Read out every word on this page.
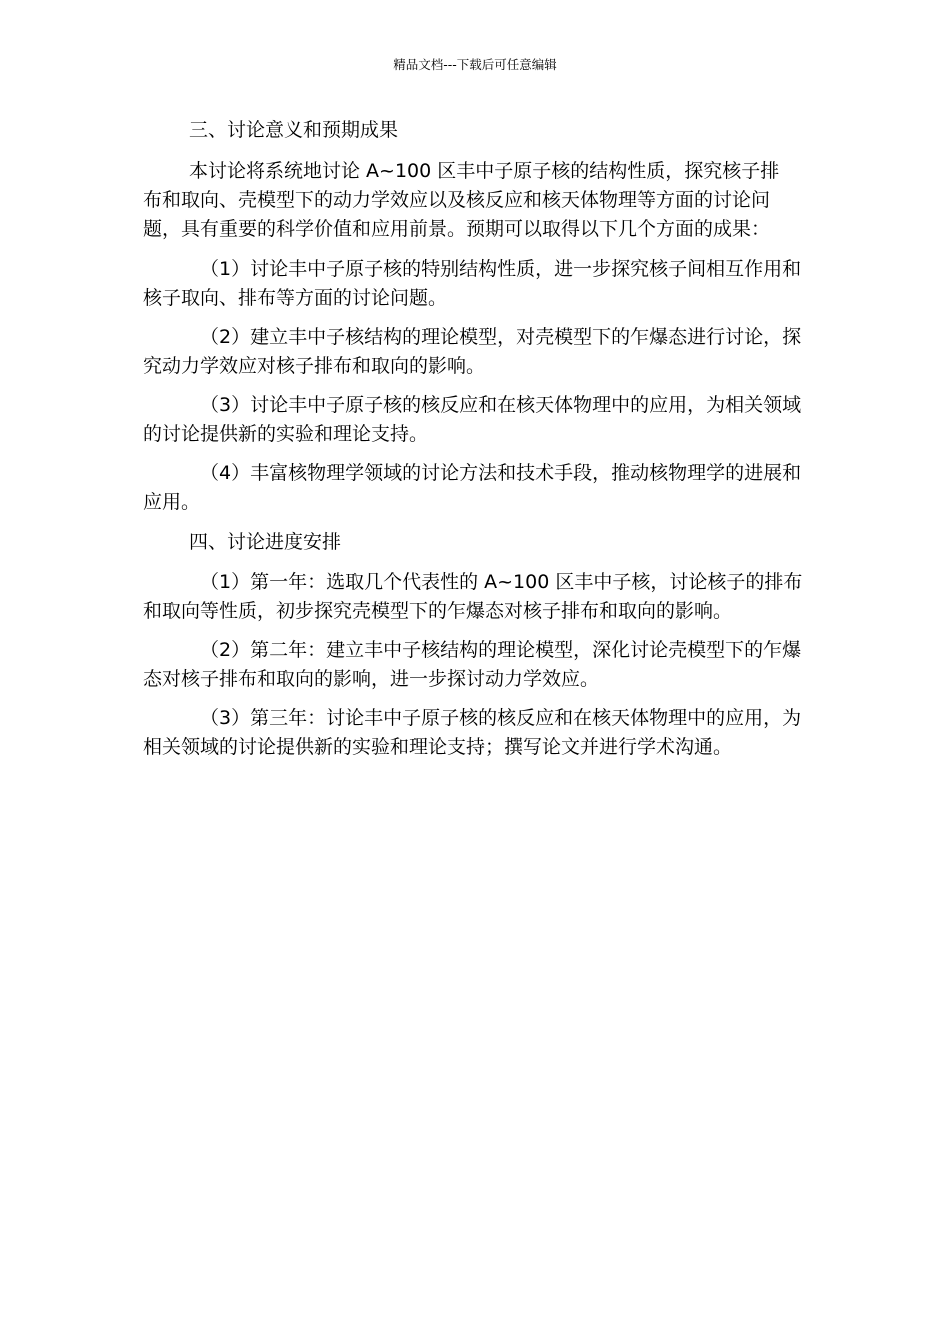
精品文档---下载后可任意编辑

三、讨论意义和预期成果

本讨论将系统地讨论 A~100 区丰中子原子核的结构性质，探究核子排布和取向、壳模型下的动力学效应以及核反应和核天体物理等方面的讨论问题，具有重要的科学价值和应用前景。预期可以取得以下几个方面的成果：

（1）讨论丰中子原子核的特别结构性质，进一步探究核子间相互作用和核子取向、排布等方面的讨论问题。

（2）建立丰中子核结构的理论模型，对壳模型下的乍爆态进行讨论，探究动力学效应对核子排布和取向的影响。

（3）讨论丰中子原子核的核反应和在核天体物理中的应用，为相关领域的讨论提供新的实验和理论支持。

（4）丰富核物理学领域的讨论方法和技术手段，推动核物理学的进展和应用。

四、讨论进度安排

（1）第一年：选取几个代表性的 A~100 区丰中子核，讨论核子的排布和取向等性质，初步探究壳模型下的乍爆态对核子排布和取向的影响。

（2）第二年：建立丰中子核结构的理论模型，深化讨论壳模型下的乍爆态对核子排布和取向的影响，进一步探讨动力学效应。

（3）第三年：讨论丰中子原子核的核反应和在核天体物理中的应用，为相关领域的讨论提供新的实验和理论支持；撰写论文并进行学术沟通。
